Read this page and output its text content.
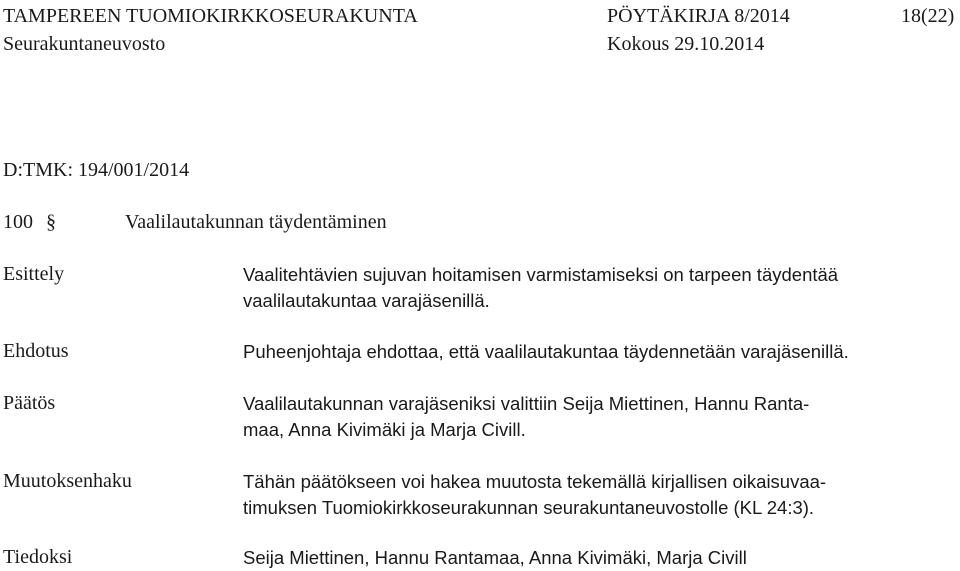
TAMPEREEN TUOMIOKIRKKOSEURAKUNTA	PÖYTÄKIRJA 8/2014	18(22)
Seurakuntaneuvosto	Kokous 29.10.2014
D:TMK: 194/001/2014
100 §	Vaalilautakunnan täydentäminen
Esittely	Vaalitehtävien sujuvan hoitamisen varmistamiseksi on tarpeen täydentää
vaalilautakuntaa varajäsenillä.
Ehdotus	Puheenjohtaja ehdottaa, että vaalilautakuntaa täydennetään varajäsenillä.
Päätös	Vaalilautakunnan varajäseniksi valittiin Seija Miettinen, Hannu Ranta-
maa, Anna Kivimäki ja Marja Civill.
Muutoksenhaku	Tähän päätökseen voi hakea muutosta tekemällä kirjallisen oikaisuvaa-
timuksen Tuomiokirkkoseurakunnan seurakuntaneuvostolle (KL 24:3).
Tiedoksi	Seija Miettinen, Hannu Rantamaa, Anna Kivimäki, Marja Civill
